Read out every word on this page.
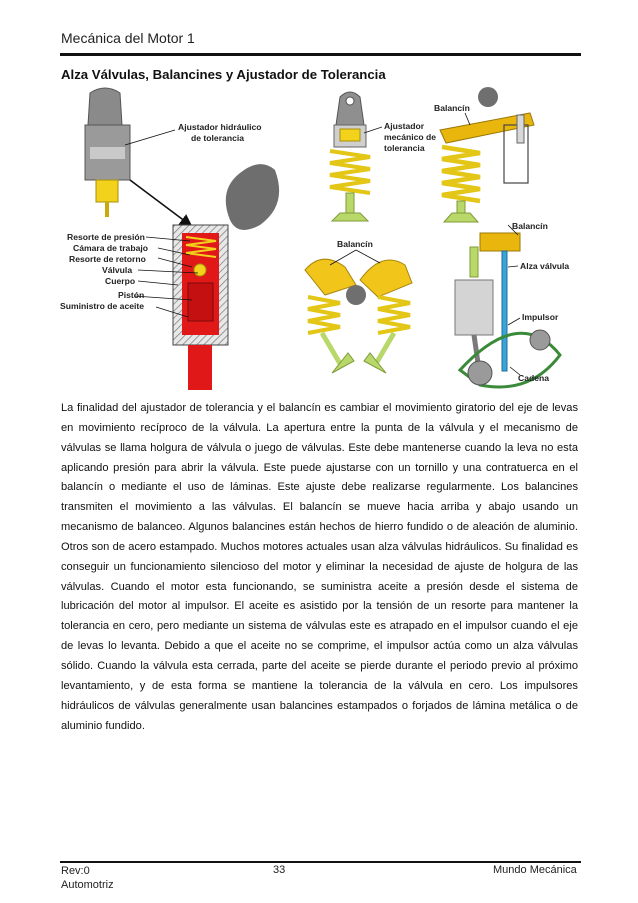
Mecánica del Motor 1
Alza Válvulas, Balancines y Ajustador de Tolerancia
Ajustador hidráulico
de tolerancia
Resorte de presión
Cámara de trabajo
Resorte de retorno
Válvula
Cuerpo
Pistón
Suministro de aceite
Ajustador
mecánico de
tolerancia
Balancín
Balancín
Balancín
Alza válvula
Impulsor
Cadena

La finalidad del ajustador de tolerancia y el balancín es cambiar el movimiento giratorio del eje de levas en movimiento recíproco de la válvula. La apertura entre la punta de la válvula y el mecanismo de válvulas se llama holgura de válvula o juego de válvulas. Este debe mantenerse cuando la leva no esta aplicando presión para abrir la válvula. Este puede ajustarse con un tornillo y una contratuerca en el balancín o mediante el uso de láminas. Este ajuste debe realizarse regularmente. Los balancines transmiten el movimiento a las válvulas. El balancín se mueve hacia arriba y abajo usando un mecanismo de balanceo. Algunos balancines están hechos de hierro fundido o de aleación de aluminio. Otros son de acero estampado. Muchos motores actuales usan alza válvulas hidráulicos. Su finalidad es conseguir un funcionamiento silencioso del motor y eliminar la necesidad de ajuste de holgura de las válvulas. Cuando el motor esta funcionando, se suministra aceite a presión desde el sistema de lubricación del motor al impulsor. El aceite es asistido por la tensión de un resorte para mantener la tolerancia en cero, pero mediante un sistema de válvulas este es atrapado en el impulsor cuando el eje de levas lo levanta. Debido a que el aceite no se comprime, el impulsor actúa como un alza válvulas sólido. Cuando la válvula esta cerrada, parte del aceite se pierde durante el periodo previo al próximo levantamiento, y de esta forma se mantiene la tolerancia de la válvula en cero. Los impulsores hidráulicos de válvulas generalmente usan balancines estampados o forjados de lámina metálica o de aluminio fundido.

Rev:0
Automotriz
33	Mundo Mecánica
